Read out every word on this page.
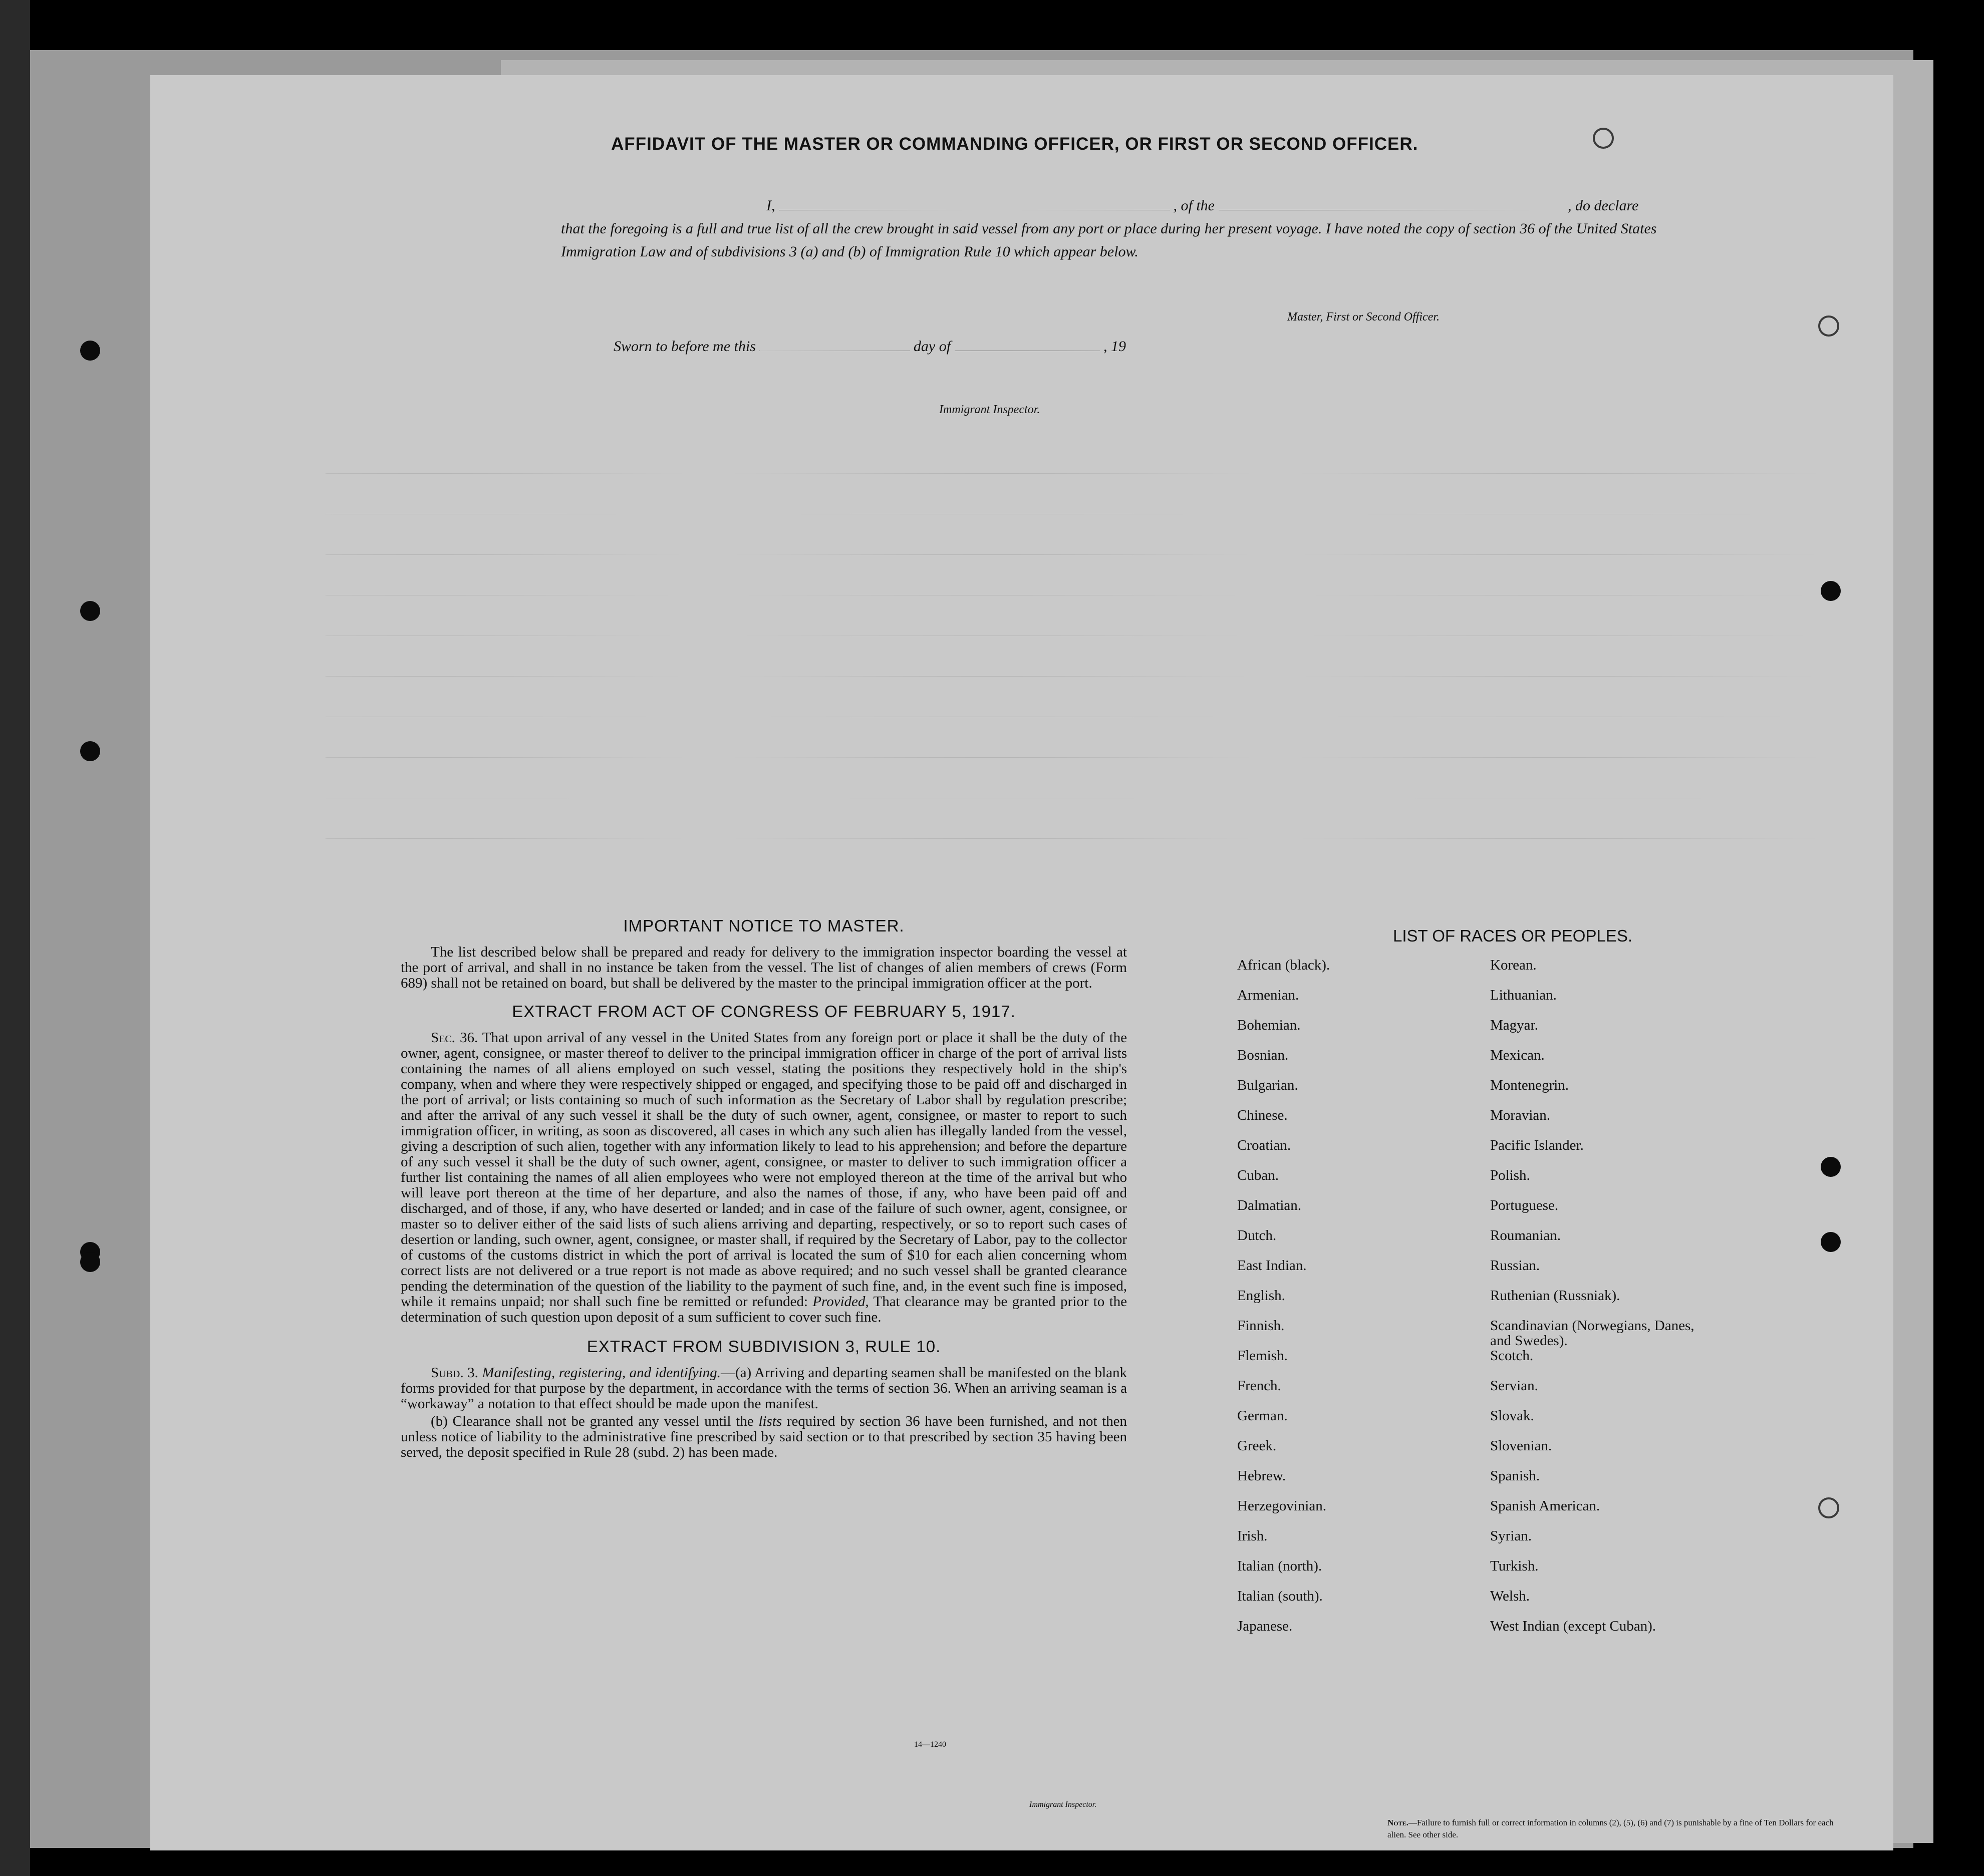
AFFIDAVIT OF THE MASTER OR COMMANDING OFFICER, OR FIRST OR SECOND OFFICER.
I,	, of the	, do declare
that the foregoing is a full and true list of all the crew brought in said vessel from any port or place during her present voyage. I have noted the copy of section 36 of the United States Immigration Law and of subdivisions 3 (a) and (b) of Immigration Rule 10 which appear below.
Master, First or Second Officer.
Sworn to before me this	day of	, 19
Immigrant Inspector.

IMPORTANT NOTICE TO MASTER.

The list described below shall be prepared and ready for delivery to the immigration inspector boarding the vessel at the port of arrival, and shall in no instance be taken from the vessel. The list of changes of alien members of crews (Form 689) shall not be retained on board, but shall be delivered by the master to the principal immigration officer at the port.

EXTRACT FROM ACT OF CONGRESS OF FEBRUARY 5, 1917.

Sec. 36. That upon arrival of any vessel in the United States from any foreign port or place it shall be the duty of the owner, agent, consignee, or master thereof to deliver to the principal immigration officer in charge of the port of arrival lists containing the names of all aliens employed on such vessel, stating the positions they respectively hold in the ship's company, when and where they were respectively shipped or engaged, and specifying those to be paid off and discharged in the port of arrival; or lists containing so much of such information as the Secretary of Labor shall by regulation prescribe; and after the arrival of any such vessel it shall be the duty of such owner, agent, consignee, or master to report to such immigration officer, in writing, as soon as discovered, all cases in which any such alien has illegally landed from the vessel, giving a description of such alien, together with any information likely to lead to his apprehension; and before the departure of any such vessel it shall be the duty of such owner, agent, consignee, or master to deliver to such immigration officer a further list containing the names of all alien employees who were not employed thereon at the time of the arrival but who will leave port thereon at the time of her departure, and also the names of those, if any, who have been paid off and discharged, and of those, if any, who have deserted or landed; and in case of the failure of such owner, agent, consignee, or master so to deliver either of the said lists of such aliens arriving and departing, respectively, or so to report such cases of desertion or landing, such owner, agent, consignee, or master shall, if required by the Secretary of Labor, pay to the collector of customs of the customs district in which the port of arrival is located the sum of $10 for each alien concerning whom correct lists are not delivered or a true report is not made as above required; and no such vessel shall be granted clearance pending the determination of the question of the liability to the payment of such fine, and, in the event such fine is imposed, while it remains unpaid; nor shall such fine be remitted or refunded: Provided, That clearance may be granted prior to the determination of such question upon deposit of a sum sufficient to cover such fine.

EXTRACT FROM SUBDIVISION 3, RULE 10.

Subd. 3. Manifesting, registering, and identifying.—(a) Arriving and departing seamen shall be manifested on the blank forms provided for that purpose by the department, in accordance with the terms of section 36. When an arriving seaman is a “workaway” a notation to that effect should be made upon the manifest.

(b) Clearance shall not be granted any vessel until the lists required by section 36 have been furnished, and not then unless notice of liability to the administrative fine prescribed by said section or to that prescribed by section 35 having been served, the deposit specified in Rule 28 (subd. 2) has been made.

LIST OF RACES OR PEOPLES.
African (black).	Korean.
Armenian.	Lithuanian.
Bohemian.	Magyar.
Bosnian.	Mexican.
Bulgarian.	Montenegrin.
Chinese.	Moravian.
Croatian.	Pacific Islander.
Cuban.	Polish.
Dalmatian.	Portuguese.
Dutch.	Roumanian.
East Indian.	Russian.
English.	Ruthenian (Russniak).
Finnish.	Scandinavian (Norwegians, Danes, and Swedes).
Flemish.	Scotch.
French.	Servian.
German.	Slovak.
Greek.	Slovenian.
Hebrew.	Spanish.
Herzegovinian.	Spanish American.
Irish.	Syrian.
Italian (north).	Turkish.
Italian (south).	Welsh.
Japanese.	West Indian (except Cuban).
14—1240
Immigrant Inspector.
Note.—Failure to furnish full or correct information in columns (2), (5), (6) and (7) is punishable by a fine of Ten Dollars for each alien. See other side.
